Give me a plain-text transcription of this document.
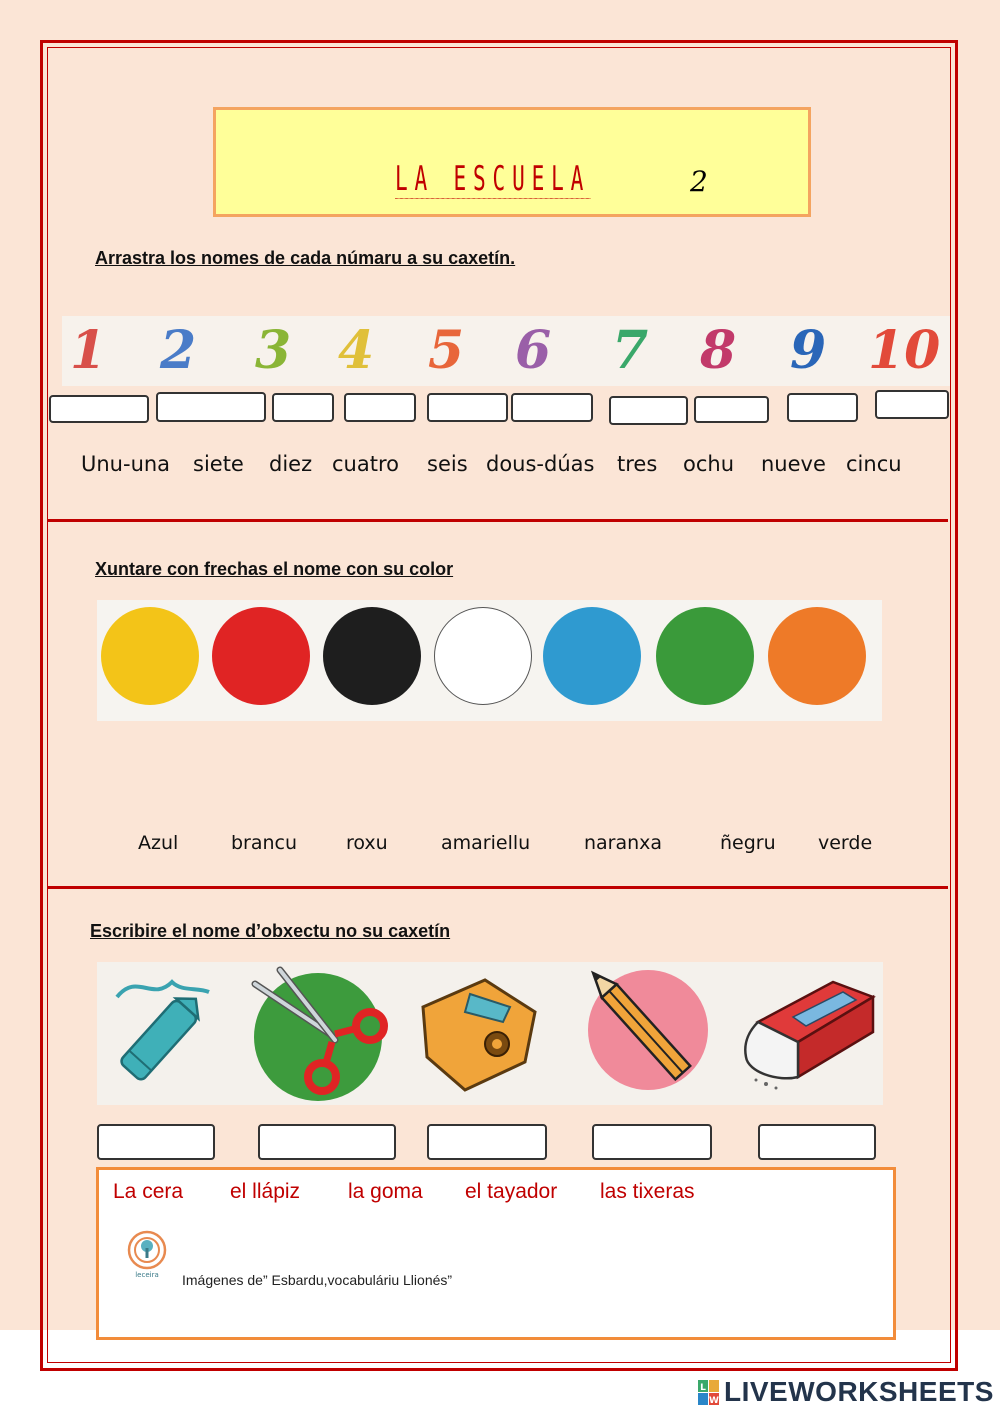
LA ESCUELA	2
Arrastra los nomes de cada númaru a su caxetín.
1 2 3 4 5 6 7 8 9 10
Unu-una siete diez cuatro seis dous-dúas tres ochu nueve cincu
Xuntare con frechas el nome con su color
Azul	brancu	roxu	amariellu	naranxa	ñegru verde
Escribire el nome d’obxectu no su caxetín
La cera el llápiz la goma el tayador las tixeras
leceira Imágenes de” Esbardu,vocabuláriu Llionés”
L
W LIVEWORKSHEETS
